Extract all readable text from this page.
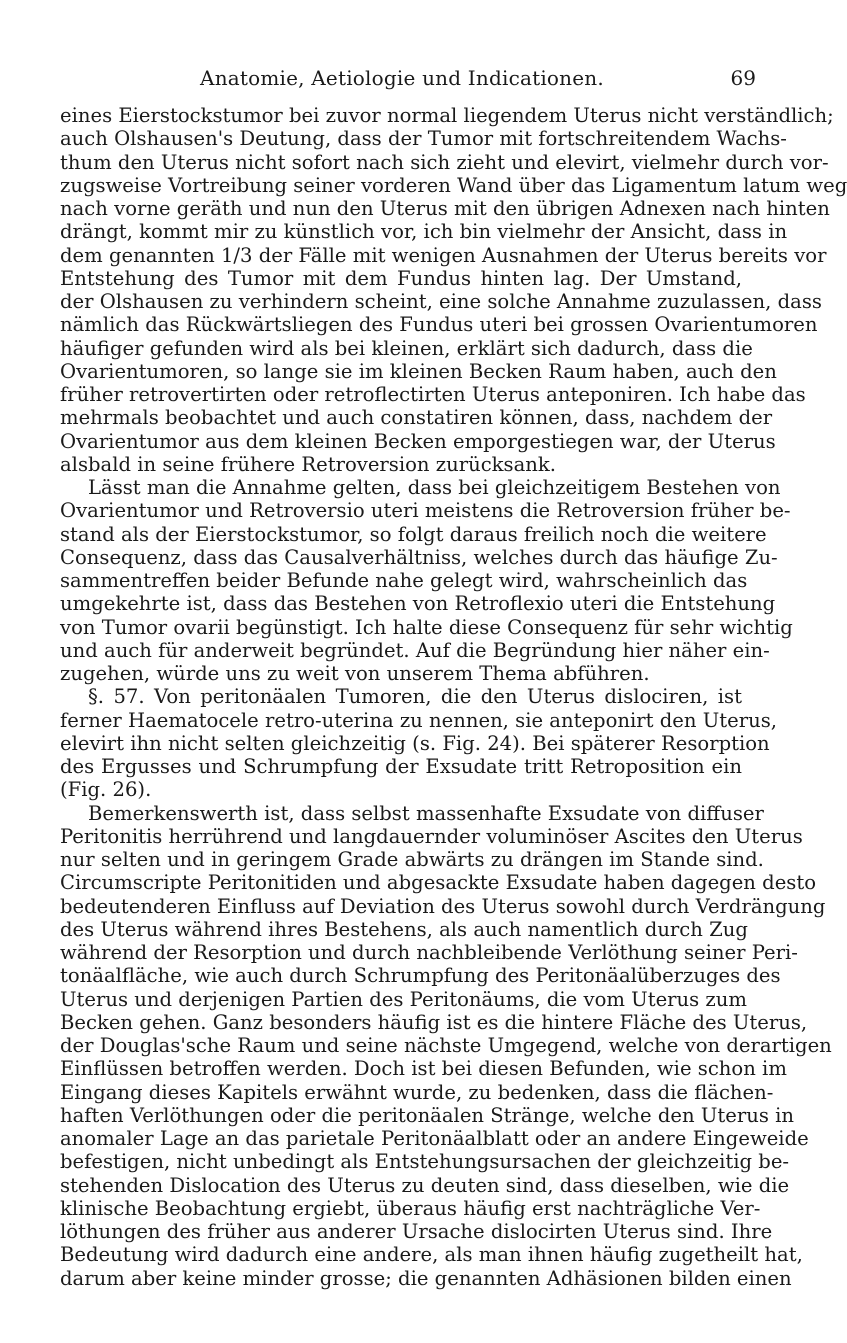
Anatomie, Aetiologie und Indicationen.	69
eines Eierstockstumor bei zuvor normal liegendem Uterus nicht verständlich;
auch Olshausen's Deutung, dass der Tumor mit fortschreitendem Wachs-
thum den Uterus nicht sofort nach sich zieht und elevirt, vielmehr durch vor-
zugsweise Vortreibung seiner vorderen Wand über das Ligamentum latum weg
nach vorne geräth und nun den Uterus mit den übrigen Adnexen nach hinten
drängt, kommt mir zu künstlich vor, ich bin vielmehr der Ansicht, dass in
dem genannten 1/3 der Fälle mit wenigen Ausnahmen der Uterus bereits vor
Entstehung des Tumor mit dem Fundus hinten lag. Der Umstand,
der Olshausen zu verhindern scheint, eine solche Annahme zuzulassen, dass
nämlich das Rückwärtsliegen des Fundus uteri bei grossen Ovarientumoren
häufiger gefunden wird als bei kleinen, erklärt sich dadurch, dass die
Ovarientumoren, so lange sie im kleinen Becken Raum haben, auch den
früher retrovertirten oder retroflectirten Uterus anteponiren. Ich habe das
mehrmals beobachtet und auch constatiren können, dass, nachdem der
Ovarientumor aus dem kleinen Becken emporgestiegen war, der Uterus
alsbald in seine frühere Retroversion zurücksank.
Lässt man die Annahme gelten, dass bei gleichzeitigem Bestehen von
Ovarientumor und Retroversio uteri meistens die Retroversion früher be-
stand als der Eierstockstumor, so folgt daraus freilich noch die weitere
Consequenz, dass das Causalverhältniss, welches durch das häufige Zu-
sammentreffen beider Befunde nahe gelegt wird, wahrscheinlich das
umgekehrte ist, dass das Bestehen von Retroflexio uteri die Entstehung
von Tumor ovarii begünstigt. Ich halte diese Consequenz für sehr wichtig
und auch für anderweit begründet. Auf die Begründung hier näher ein-
zugehen, würde uns zu weit von unserem Thema abführen.
§. 57. Von peritonäalen Tumoren, die den Uterus dislociren, ist
ferner Haematocele retro-uterina zu nennen, sie anteponirt den Uterus,
elevirt ihn nicht selten gleichzeitig (s. Fig. 24). Bei späterer Resorption
des Ergusses und Schrumpfung der Exsudate tritt Retroposition ein
(Fig. 26).
Bemerkenswerth ist, dass selbst massenhafte Exsudate von diffuser
Peritonitis herrührend und langdauernder voluminöser Ascites den Uterus
nur selten und in geringem Grade abwärts zu drängen im Stande sind.
Circumscripte Peritonitiden und abgesackte Exsudate haben dagegen desto
bedeutenderen Einfluss auf Deviation des Uterus sowohl durch Verdrängung
des Uterus während ihres Bestehens, als auch namentlich durch Zug
während der Resorption und durch nachbleibende Verlöthung seiner Peri-
tonäalfläche, wie auch durch Schrumpfung des Peritonäalüberzuges des
Uterus und derjenigen Partien des Peritonäums, die vom Uterus zum
Becken gehen. Ganz besonders häufig ist es die hintere Fläche des Uterus,
der Douglas'sche Raum und seine nächste Umgegend, welche von derartigen
Einflüssen betroffen werden. Doch ist bei diesen Befunden, wie schon im
Eingang dieses Kapitels erwähnt wurde, zu bedenken, dass die flächen-
haften Verlöthungen oder die peritonäalen Stränge, welche den Uterus in
anomaler Lage an das parietale Peritonäalblatt oder an andere Eingeweide
befestigen, nicht unbedingt als Entstehungsursachen der gleichzeitig be-
stehenden Dislocation des Uterus zu deuten sind, dass dieselben, wie die
klinische Beobachtung ergiebt, überaus häufig erst nachträgliche Ver-
löthungen des früher aus anderer Ursache dislocirten Uterus sind. Ihre
Bedeutung wird dadurch eine andere, als man ihnen häufig zugetheilt hat,
darum aber keine minder grosse; die genannten Adhäsionen bilden einen
